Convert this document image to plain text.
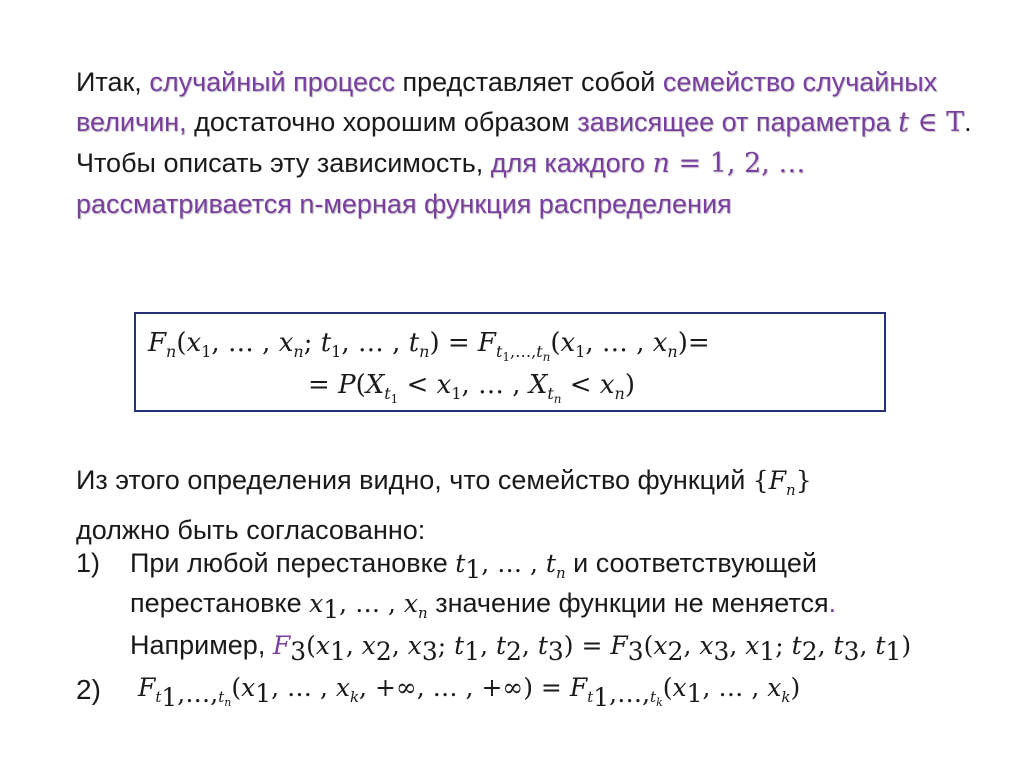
Итак, случайный процесс представляет собой семейство случайных величин, достаточно хорошим образом зависящее от параметра t ∈ T. Чтобы описать эту зависимость, для каждого n = 1, 2, … рассматривается n-мерная функция распределения

$F_n(x_1$, … , $x_n$; $t_1$, … , $t_n) = F_{t_1,\dots,t_n}(x_1$, … , $x_n)=$
= $P(X_{t_1} < x_1$, … , $X_{t_n} < x_n$)
Из этого определения видно, что семейство функций $\{F_n\}$
должно быть согласованно:
1) При любой перестановке $t_1$, … , $t_n$ и соответствующей
перестановке $x_1$, … , $x_n$ значение функции не меняется.
Например, $F_3(x_1$, $x_2$, $x_3$; $t_1$, $t_2$, $t_3) = F_3(x_2$, $x_3$, $x_1$; $t_2$, $t_3$, $t_1$)
2) $F_{t_1,\dots,t_n}(x_1$, … , $x_k$, +∞, … , +∞) = $F_{t_1,\dots,t_k}(x_1$, … , $x_k$)
